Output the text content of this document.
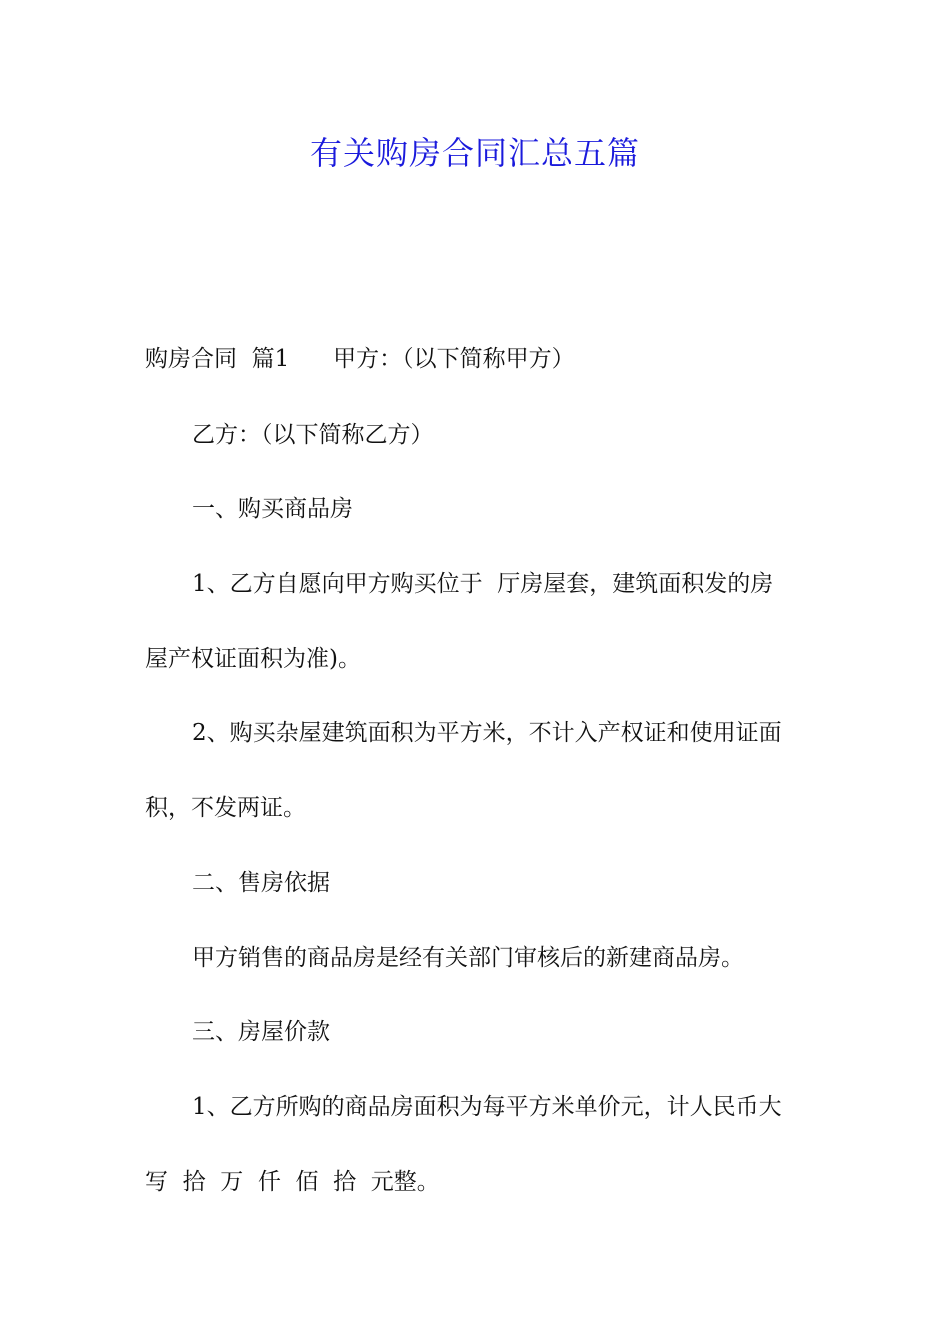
有关购房合同汇总五篇

购房合同  篇1      甲方：（以下简称甲方）

乙方：（以下简称乙方）

一、购买商品房

1、乙方自愿向甲方购买位于  厅房屋套，建筑面积发的房

屋产权证面积为准)。

2、购买杂屋建筑面积为平方米，不计入产权证和使用证面

积，不发两证。

二、售房依据

甲方销售的商品房是经有关部门审核后的新建商品房。

三、房屋价款

1、乙方所购的商品房面积为每平方米单价元，计人民币大

写  拾  万  仟  佰  拾  元整。
